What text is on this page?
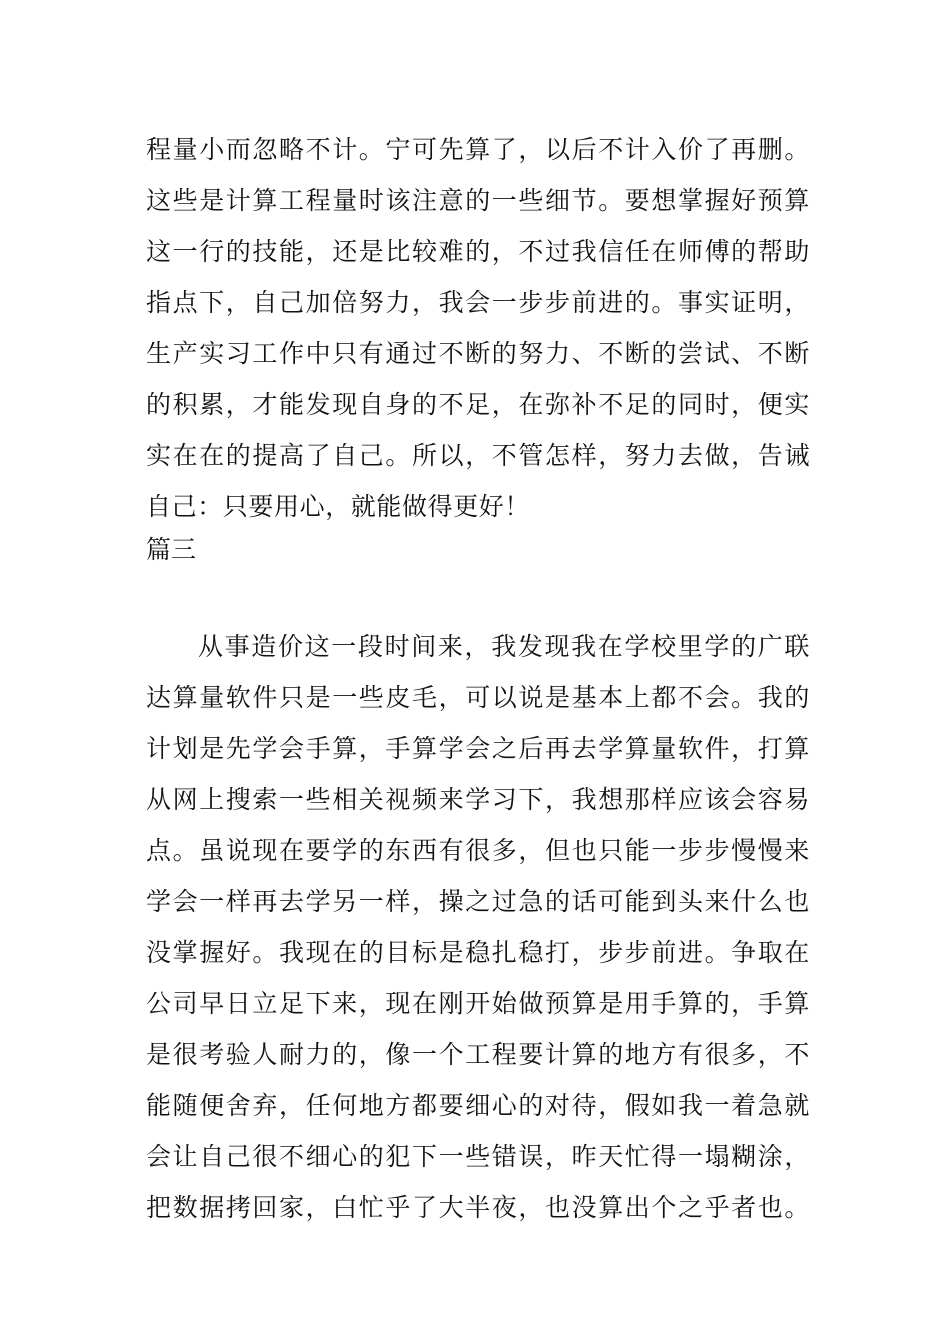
程量小而忽略不计。宁可先算了，以后不计入价了再删。
这些是计算工程量时该注意的一些细节。要想掌握好预算
这一行的技能，还是比较难的，不过我信任在师傅的帮助
指点下，自己加倍努力，我会一步步前进的。事实证明，
生产实习工作中只有通过不断的努力、不断的尝试、不断
的积累，才能发现自身的不足，在弥补不足的同时，便实
实在在的提高了自己。所以，不管怎样，努力去做，告诫
自己：只要用心，就能做得更好！
篇三
从事造价这一段时间来，我发现我在学校里学的广联
达算量软件只是一些皮毛，可以说是基本上都不会。我的
计划是先学会手算，手算学会之后再去学算量软件，打算
从网上搜索一些相关视频来学习下，我想那样应该会容易
点。虽说现在要学的东西有很多，但也只能一步步慢慢来
学会一样再去学另一样，操之过急的话可能到头来什么也
没掌握好。我现在的目标是稳扎稳打，步步前进。争取在
公司早日立足下来，现在刚开始做预算是用手算的，手算
是很考验人耐力的，像一个工程要计算的地方有很多，不
能随便舍弃，任何地方都要细心的对待，假如我一着急就
会让自己很不细心的犯下一些错误，昨天忙得一塌糊涂，
把数据拷回家，白忙乎了大半夜，也没算出个之乎者也。
